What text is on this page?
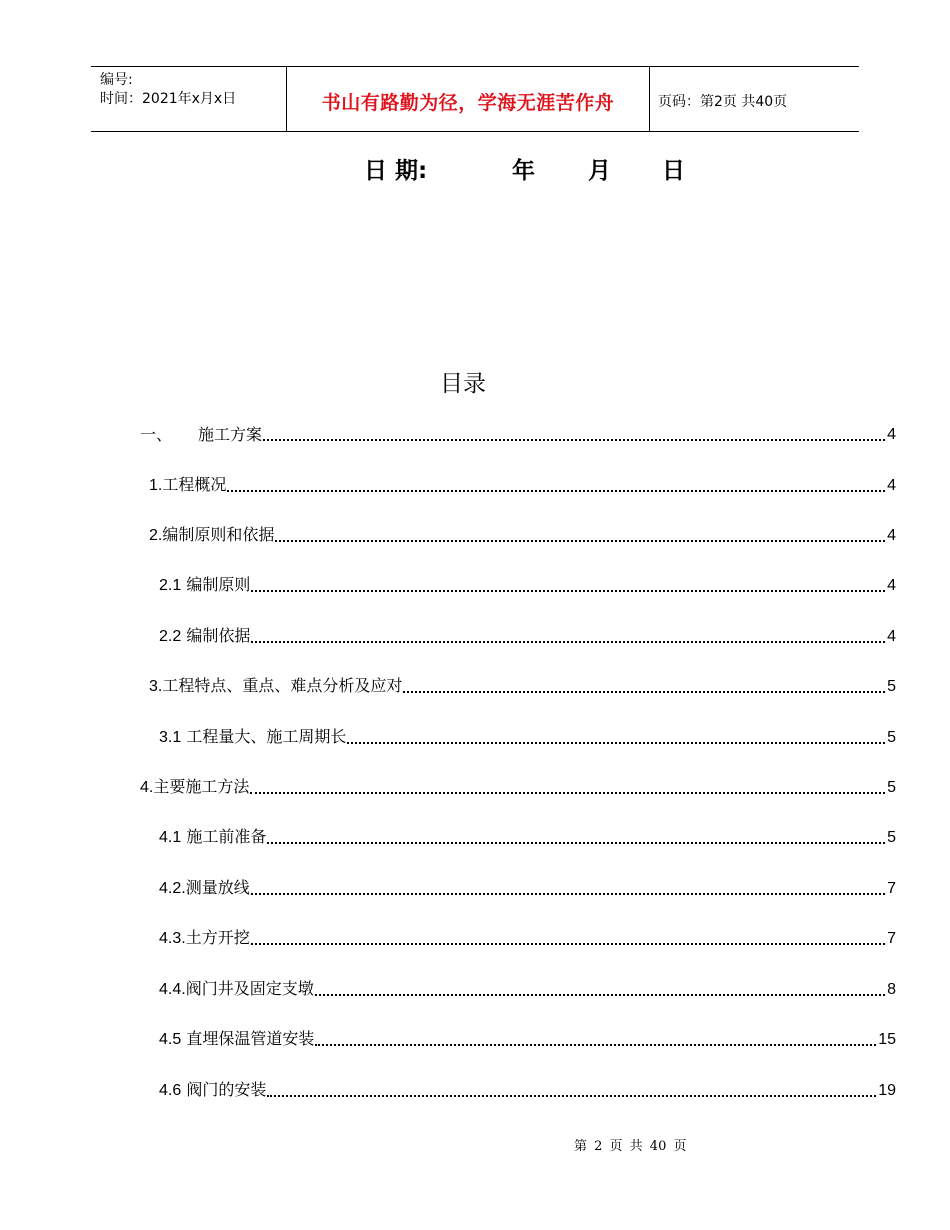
编号:
时间：2021年x月x日	书山有路勤为径，学海无涯苦作舟	页码：第2页 共40页
日 期:	年 月 日
目录
一、 施工方案	4
1.工程概况	4
2.编制原则和依据	4
2.1 编制原则	4
2.2 编制依据	4
3.工程特点、重点、难点分析及应对	5
3.1 工程量大、施工周期长	5
4.主要施工方法	5
4.1 施工前准备	5
4.2.测量放线	7
4.3.土方开挖	7
4.4.阀门井及固定支墩	8
4.5 直埋保温管道安装	15
4.6 阀门的安装	19
第 2 页 共 40 页
